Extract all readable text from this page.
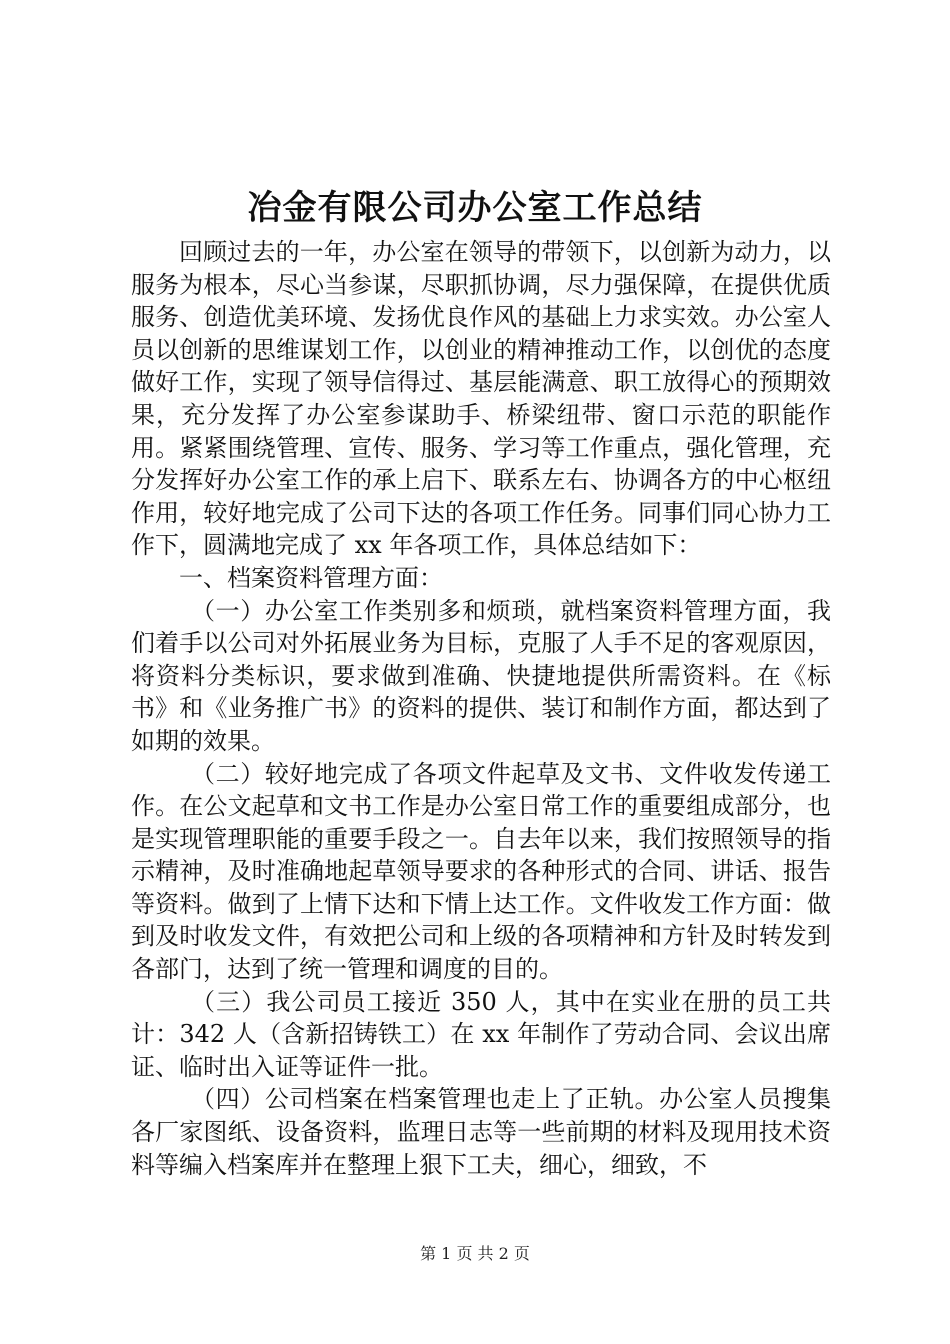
冶金有限公司办公室工作总结

回顾过去的一年，办公室在领导的带领下，以创新为动力，以服务为根本，尽心当参谋，尽职抓协调，尽力强保障，在提供优质服务、创造优美环境、发扬优良作风的基础上力求实效。办公室人员以创新的思维谋划工作，以创业的精神推动工作，以创优的态度做好工作，实现了领导信得过、基层能满意、职工放得心的预期效果，充分发挥了办公室参谋助手、桥梁纽带、窗口示范的职能作用。紧紧围绕管理、宣传、服务、学习等工作重点，强化管理，充分发挥好办公室工作的承上启下、联系左右、协调各方的中心枢纽作用，较好地完成了公司下达的各项工作任务。同事们同心协力工作下，圆满地完成了 xx 年各项工作，具体总结如下：

一、档案资料管理方面：

（一）办公室工作类别多和烦琐，就档案资料管理方面，我们着手以公司对外拓展业务为目标，克服了人手不足的客观原因，将资料分类标识，要求做到准确、快捷地提供所需资料。在《标书》和《业务推广书》的资料的提供、装订和制作方面，都达到了如期的效果。

（二）较好地完成了各项文件起草及文书、文件收发传递工作。在公文起草和文书工作是办公室日常工作的重要组成部分，也是实现管理职能的重要手段之一。自去年以来，我们按照领导的指示精神，及时准确地起草领导要求的各种形式的合同、讲话、报告等资料。做到了上情下达和下情上达工作。文件收发工作方面：做到及时收发文件，有效把公司和上级的各项精神和方针及时转发到各部门，达到了统一管理和调度的目的。

（三）我公司员工接近 350 人，其中在实业在册的员工共计：342 人（含新招铸铁工）在 xx 年制作了劳动合同、会议出席证、临时出入证等证件一批。

（四）公司档案在档案管理也走上了正轨。办公室人员搜集各厂家图纸、设备资料，监理日志等一些前期的材料及现用技术资料等编入档案库并在整理上狠下工夫，细心，细致，不

第 1 页 共 2 页
